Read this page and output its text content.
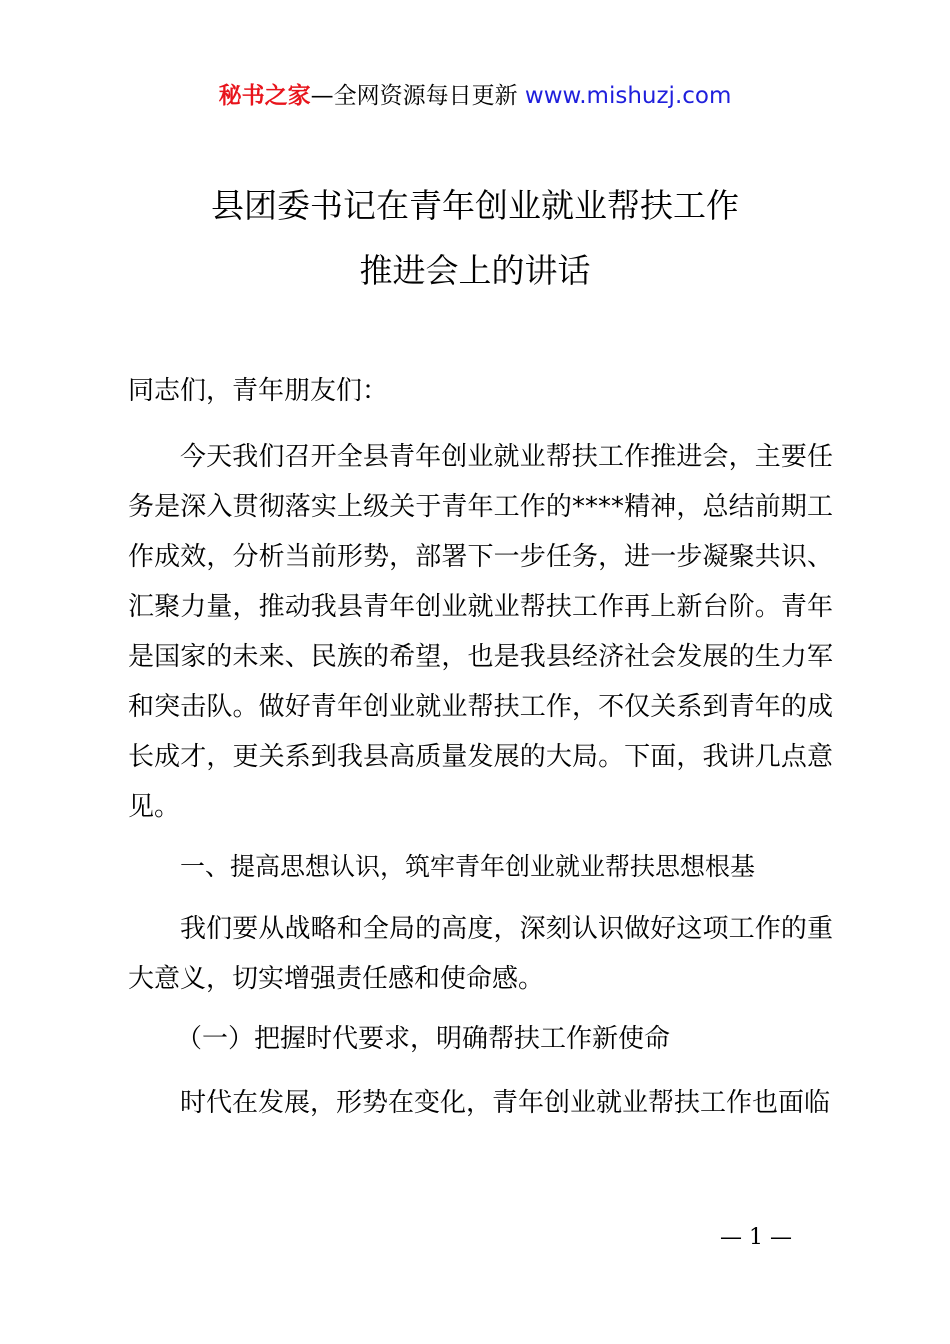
秘书之家—全网资源每日更新 www.mishuzj.com
县团委书记在青年创业就业帮扶工作
推进会上的讲话
同志们，青年朋友们：

今天我们召开全县青年创业就业帮扶工作推进会，主要任务是深入贯彻落实上级关于青年工作的****精神，总结前期工作成效，分析当前形势，部署下一步任务，进一步凝聚共识、汇聚力量，推动我县青年创业就业帮扶工作再上新台阶。青年是国家的未来、民族的希望，也是我县经济社会发展的生力军和突击队。做好青年创业就业帮扶工作，不仅关系到青年的成长成才，更关系到我县高质量发展的大局。下面，我讲几点意见。

一、提高思想认识，筑牢青年创业就业帮扶思想根基

我们要从战略和全局的高度，深刻认识做好这项工作的重大意义，切实增强责任感和使命感。

（一）把握时代要求，明确帮扶工作新使命

时代在发展，形势在变化，青年创业就业帮扶工作也面临

— 1 —
